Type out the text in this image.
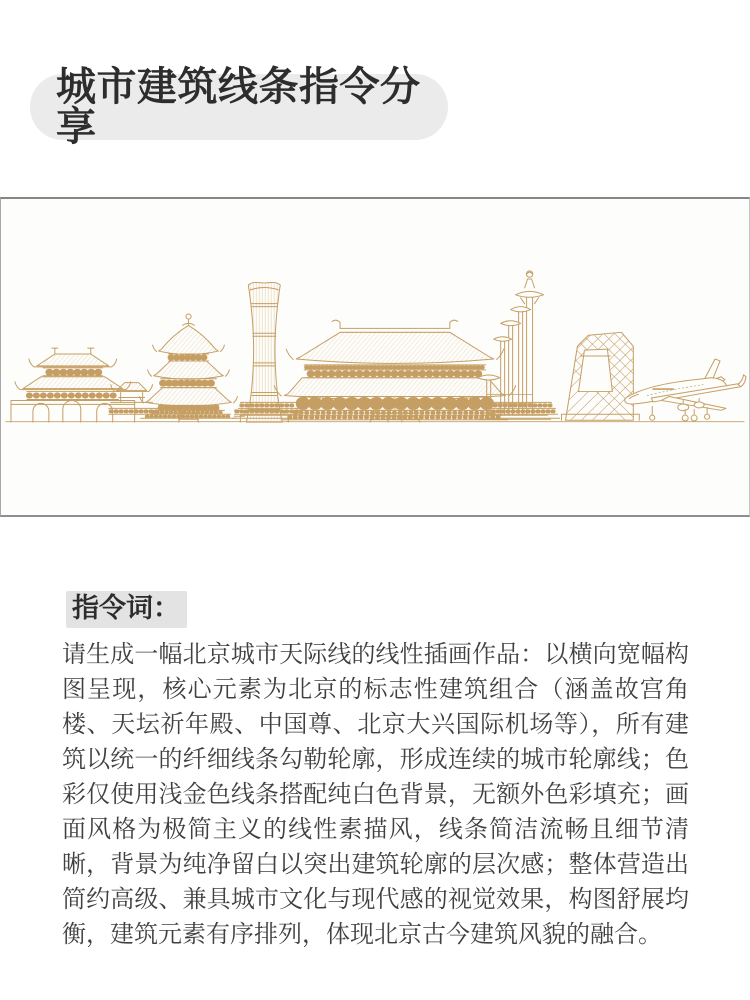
城市建筑线条指令分享
指令词：

请生成一幅北京城市天际线的线性插画作品：以横向宽幅构图呈现，核心元素为北京的标志性建筑组合（涵盖故宫角楼、天坛祈年殿、中国尊、北京大兴国际机场等），所有建筑以统一的纤细线条勾勒轮廓，形成连续的城市轮廓线；色彩仅使用浅金色线条搭配纯白色背景，无额外色彩填充；画面风格为极简主义的线性素描风，线条简洁流畅且细节清晰，背景为纯净留白以突出建筑轮廓的层次感；整体营造出简约高级、兼具城市文化与现代感的视觉效果，构图舒展均衡，建筑元素有序排列，体现北京古今建筑风貌的融合。
